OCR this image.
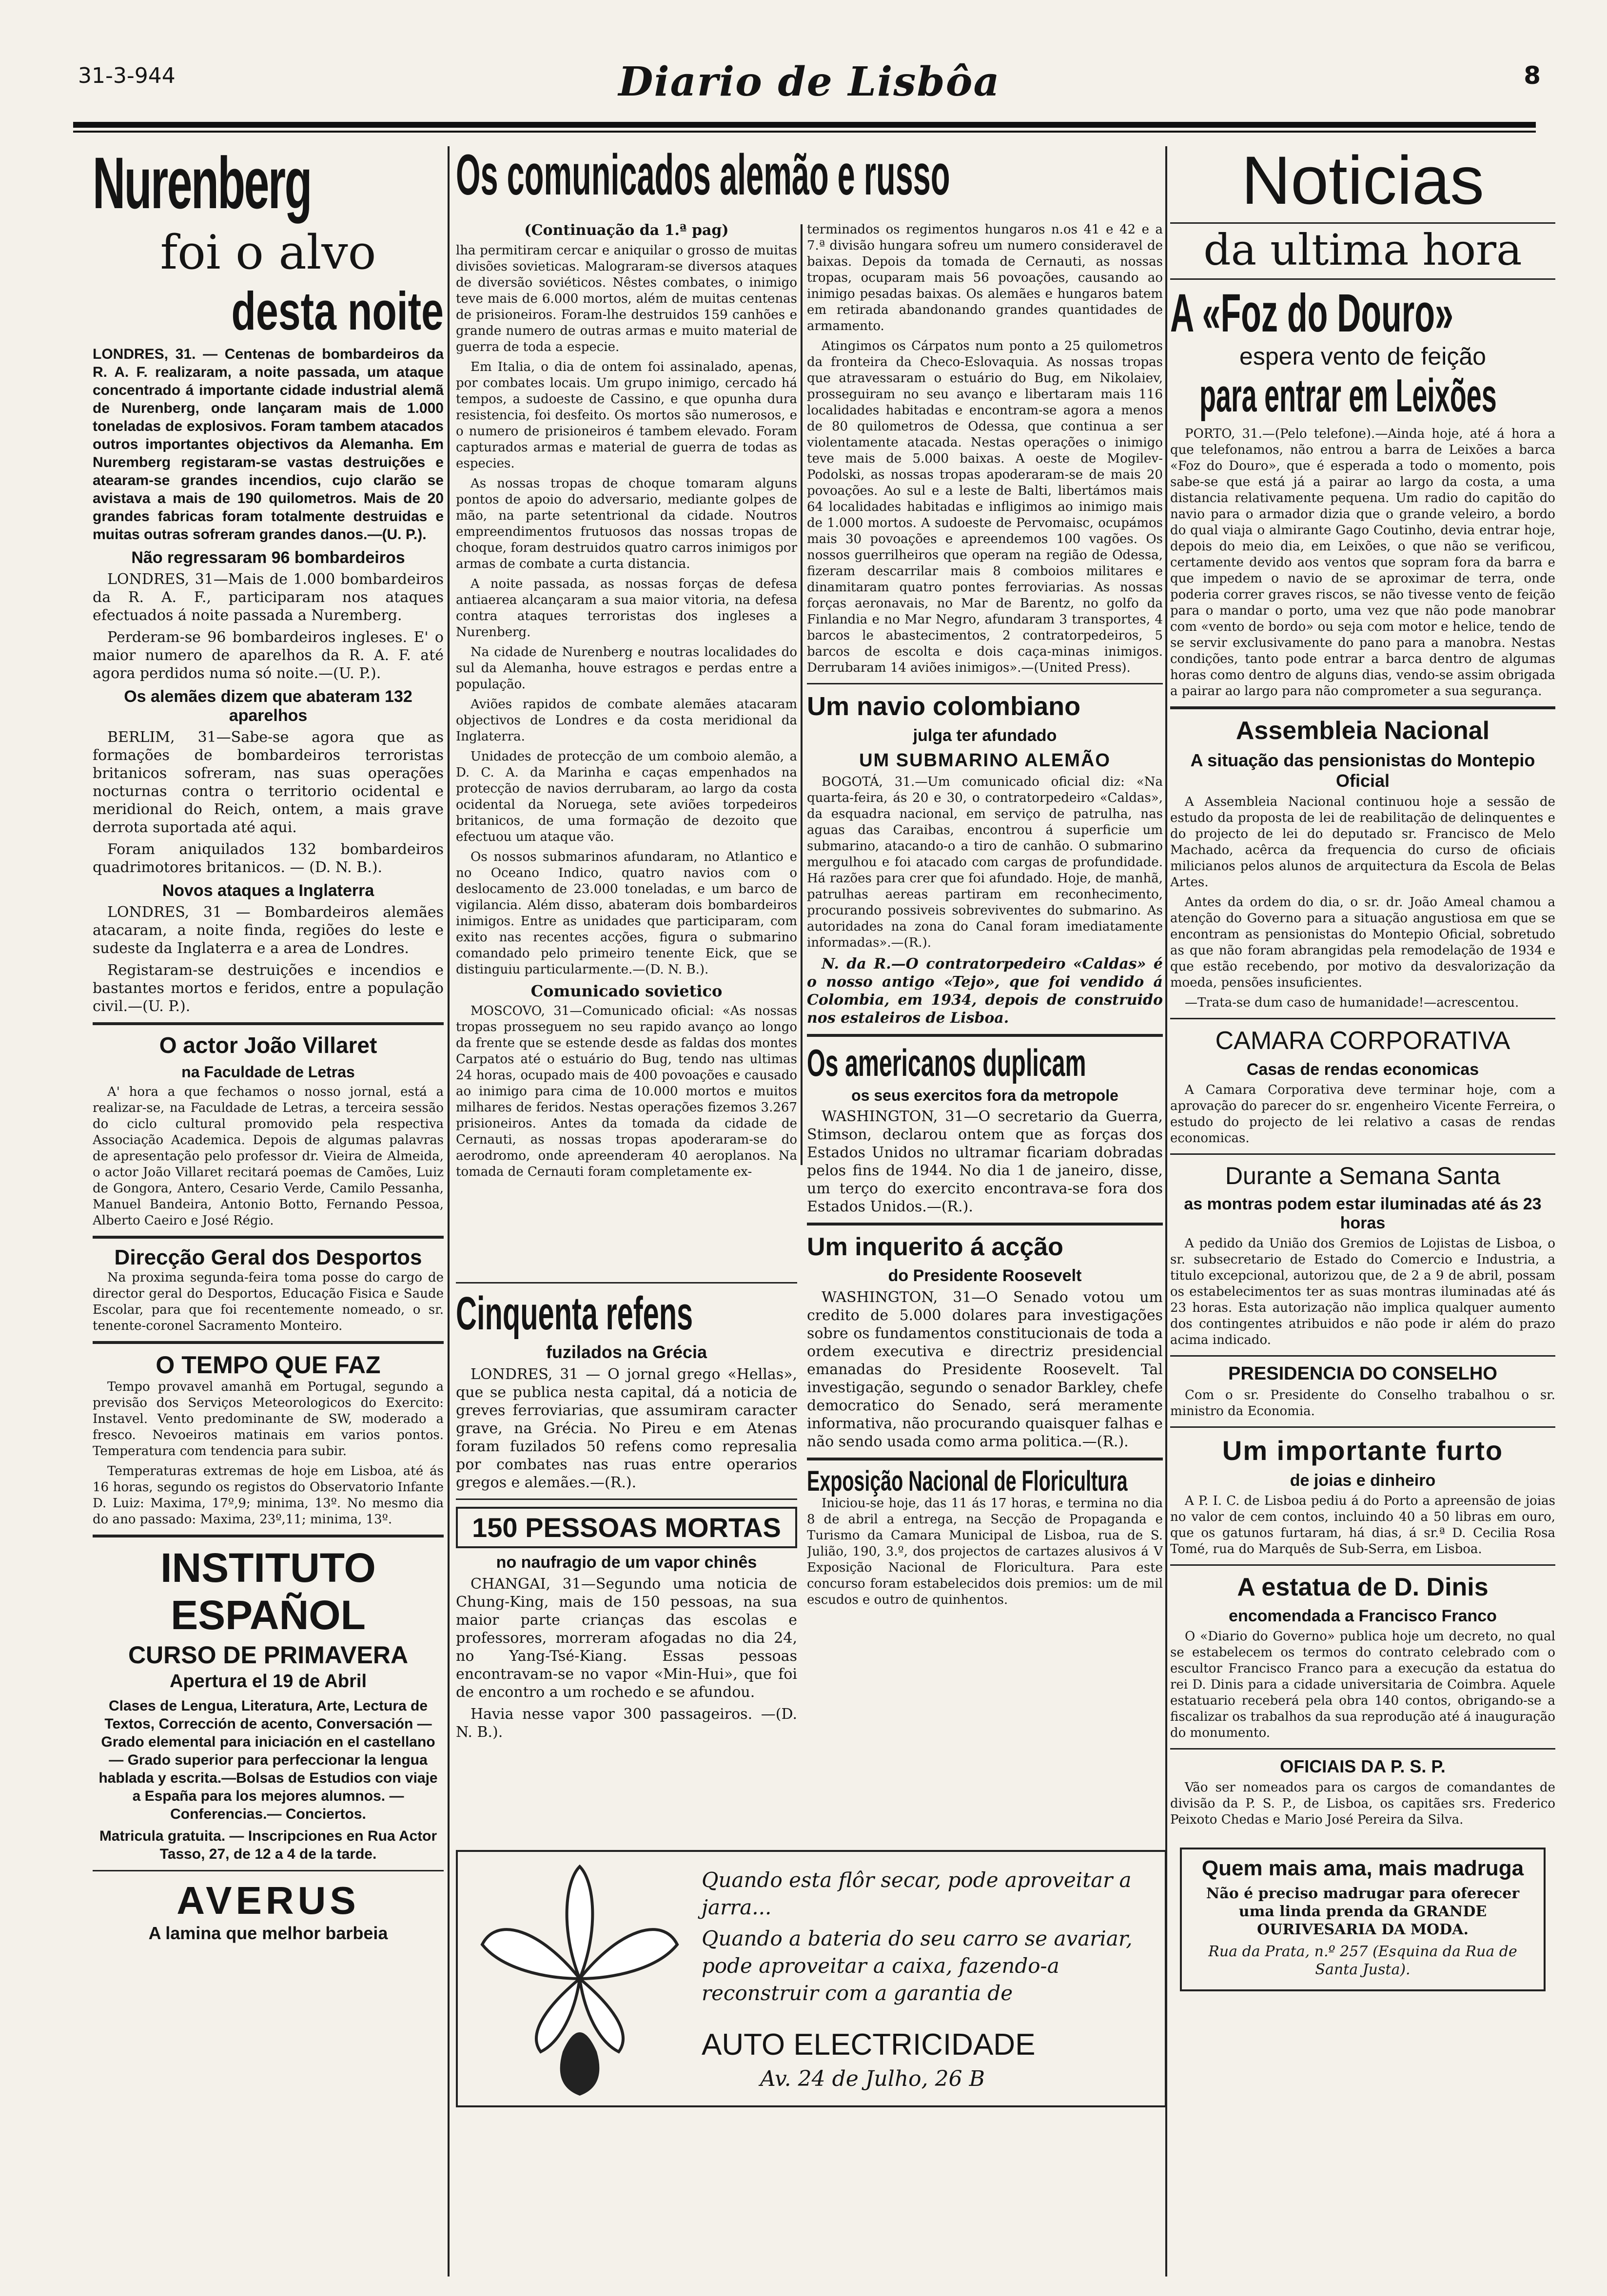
31-3-944	Diario de Lisbôa	8
Nurenberg
foi o alvo
desta noite

LONDRES, 31. — Centenas de bombardeiros da R. A. F. realizaram, a noite passada, um ataque concentrado á importante cidade industrial alemã de Nurenberg, onde lançaram mais de 1.000 toneladas de explosivos. Foram tambem atacados outros importantes objectivos da Alemanha. Em Nuremberg registaram-se vastas destruições e atearam-se grandes incendios, cujo clarão se avistava a mais de 190 quilometros. Mais de 20 grandes fabricas foram totalmente destruidas e muitas outras sofreram grandes danos.—(U. P.).

Não regressaram 96 bombardeiros

LONDRES, 31—Mais de 1.000 bombardeiros da R. A. F., participaram nos ataques efectuados á noite passada a Nuremberg.

Perderam-se 96 bombardeiros ingleses. E' o maior numero de aparelhos da R. A. F. até agora perdidos numa só noite.—(U. P.).

Os alemães dizem que abateram 132 aparelhos

BERLIM, 31—Sabe-se agora que as formações de bombardeiros terroristas britanicos sofreram, nas suas operações nocturnas contra o territorio ocidental e meridional do Reich, ontem, a mais grave derrota suportada até aqui.

Foram aniquilados 132 bombardeiros quadrimotores britanicos. — (D. N. B.).

Novos ataques a Inglaterra

LONDRES, 31 — Bombardeiros alemães atacaram, a noite finda, regiões do leste e sudeste da Inglaterra e a area de Londres.

Registaram-se destruições e incendios e bastantes mortos e feridos, entre a população civil.—(U. P.).

O actor João Villaret
na Faculdade de Letras

A' hora a que fechamos o nosso jornal, está a realizar-se, na Faculdade de Letras, a terceira sessão do ciclo cultural promovido pela respectiva Associação Academica. Depois de algumas palavras de apresentação pelo professor dr. Vieira de Almeida, o actor João Villaret recitará poemas de Camões, Luiz de Gongora, Antero, Cesario Verde, Camilo Pessanha, Manuel Bandeira, Antonio Botto, Fernando Pessoa, Alberto Caeiro e José Régio.

Direcção Geral dos Desportos

Na proxima segunda-feira toma posse do cargo de director geral do Desportos, Educação Fisica e Saude Escolar, para que foi recentemente nomeado, o sr. tenente-coronel Sacramento Monteiro.

O TEMPO QUE FAZ

Tempo provavel amanhã em Portugal, segundo a previsão dos Serviços Meteorologicos do Exercito: Instavel. Vento predominante de SW, moderado a fresco. Nevoeiros matinais em varios pontos. Temperatura com tendencia para subir.

Temperaturas extremas de hoje em Lisboa, até ás 16 horas, segundo os registos do Observatorio Infante D. Luiz: Maxima, 17º,9; minima, 13º. No mesmo dia do ano passado: Maxima, 23º,11; minima, 13º.

INSTITUTO ESPAÑOL
CURSO DE PRIMAVERA
Apertura el 19 de Abril

Clases de Lengua, Literatura, Arte, Lectura de Textos, Corrección de acento, Conversación — Grado elemental para iniciación en el castellano — Grado superior para perfeccionar la lengua hablada y escrita.—Bolsas de Estudios con viaje a España para los mejores alumnos. — Conferencias.— Conciertos.

Matricula gratuita. — Inscripciones en Rua Actor Tasso, 27, de 12 a 4 de la tarde.

AVERUS
A lamina que melhor barbeia
Os comunicados alemão e russo
(Continuação da 1.ª pag)

lha permitiram cercar e aniquilar o grosso de muitas divisões sovieticas. Malograram-se diversos ataques de diversão soviéticos. Nêstes combates, o inimigo teve mais de 6.000 mortos, além de muitas centenas de prisioneiros. Foram-lhe destruidos 159 canhões e grande numero de outras armas e muito material de guerra de toda a especie.

Em Italia, o dia de ontem foi assinalado, apenas, por combates locais. Um grupo inimigo, cercado há tempos, a sudoeste de Cassino, e que opunha dura resistencia, foi desfeito. Os mortos são numerosos, e o numero de prisioneiros é tambem elevado. Foram capturados armas e material de guerra de todas as especies.

As nossas tropas de choque tomaram alguns pontos de apoio do adversario, mediante golpes de mão, na parte setentrional da cidade. Noutros empreendimentos frutuosos das nossas tropas de choque, foram destruidos quatro carros inimigos por armas de combate a curta distancia.

A noite passada, as nossas forças de defesa antiaerea alcançaram a sua maior vitoria, na defesa contra ataques terroristas dos ingleses a Nurenberg.

Na cidade de Nurenberg e noutras localidades do sul da Alemanha, houve estragos e perdas entre a população.

Aviões rapidos de combate alemães atacaram objectivos de Londres e da costa meridional da Inglaterra.

Unidades de protecção de um comboio alemão, a D. C. A. da Marinha e caças empenhados na protecção de navios derrubaram, ao largo da costa ocidental da Noruega, sete aviões torpedeiros britanicos, de uma formação de dezoito que efectuou um ataque vão.

Os nossos submarinos afundaram, no Atlantico e no Oceano Indico, quatro navios com o deslocamento de 23.000 toneladas, e um barco de vigilancia. Além disso, abateram dois bombardeiros inimigos. Entre as unidades que participaram, com exito nas recentes acções, figura o submarino comandado pelo primeiro tenente Eick, que se distinguiu particularmente.—(D. N. B.).

Comunicado sovietico

MOSCOVO, 31—Comunicado oficial: «As nossas tropas prosseguem no seu rapido avanço ao longo da frente que se estende desde as faldas dos montes Carpatos até o estuário do Bug, tendo nas ultimas 24 horas, ocupado mais de 400 povoações e causado ao inimigo para cima de 10.000 mortos e muitos milhares de feridos. Nestas operações fizemos 3.267 prisioneiros. Antes da tomada da cidade de Cernauti, as nossas tropas apoderaram-se do aerodromo, onde apreenderam 40 aeroplanos. Na tomada de Cernauti foram completamente ex-

Cinquenta refens
fuzilados na Grécia

LONDRES, 31 — O jornal grego «Hellas», que se publica nesta capital, dá a noticia de greves ferroviarias, que assumiram caracter grave, na Grécia. No Pireu e em Atenas foram fuzilados 50 refens como represalia por combates nas ruas entre operarios gregos e alemães.—(R.).

150 PESSOAS MORTAS
no naufragio de um vapor chinês

CHANGAI, 31—Segundo uma noticia de Chung-King, mais de 150 pessoas, na sua maior parte crianças das escolas e professores, morreram afogadas no dia 24, no Yang-Tsé-Kiang. Essas pessoas encontravam-se no vapor «Min-Hui», que foi de encontro a um rochedo e se afundou.

Havia nesse vapor 300 passageiros. —(D. N. B.).

terminados os regimentos hungaros n.os 41 e 42 e a 7.ª divisão hungara sofreu um numero consideravel de baixas. Depois da tomada de Cernauti, as nossas tropas, ocuparam mais 56 povoações, causando ao inimigo pesadas baixas. Os alemães e hungaros batem em retirada abandonando grandes quantidades de armamento.

Atingimos os Cárpatos num ponto a 25 quilometros da fronteira da Checo-Eslovaquia. As nossas tropas que atravessaram o estuário do Bug, em Nikolaiev, prosseguiram no seu avanço e libertaram mais 116 localidades habitadas e encontram-se agora a menos de 80 quilometros de Odessa, que continua a ser violentamente atacada. Nestas operações o inimigo teve mais de 5.000 baixas. A oeste de Mogilev-Podolski, as nossas tropas apoderaram-se de mais 20 povoações. Ao sul e a leste de Balti, libertámos mais 64 localidades habitadas e infligimos ao inimigo mais de 1.000 mortos. A sudoeste de Pervomaisc, ocupámos mais 30 povoações e apreendemos 100 vagões. Os nossos guerrilheiros que operam na região de Odessa, fizeram descarrilar mais 8 comboios militares e dinamitaram quatro pontes ferroviarias. As nossas forças aeronavais, no Mar de Barentz, no golfo da Finlandia e no Mar Negro, afundaram 3 transportes, 4 barcos le abastecimentos, 2 contratorpedeiros, 5 barcos de escolta e dois caça-minas inimigos. Derrubaram 14 aviões inimigos».—(United Press).

Um navio colombiano
julga ter afundado
UM SUBMARINO ALEMÃO

BOGOTÁ, 31.—Um comunicado oficial diz: «Na quarta-feira, ás 20 e 30, o contratorpedeiro «Caldas», da esquadra nacional, em serviço de patrulha, nas aguas das Caraibas, encontrou á superficie um submarino, atacando-o a tiro de canhão. O submarino mergulhou e foi atacado com cargas de profundidade. Há razões para crer que foi afundado. Hoje, de manhã, patrulhas aereas partiram em reconhecimento, procurando possiveis sobreviventes do submarino. As autoridades na zona do Canal foram imediatamente informadas».—(R.).

N. da R.—O contratorpedeiro «Caldas» é o nosso antigo «Tejo», que foi vendido á Colombia, em 1934, depois de construido nos estaleiros de Lisboa.

Os americanos duplicam
os seus exercitos fora da metropole

WASHINGTON, 31—O secretario da Guerra, Stimson, declarou ontem que as forças dos Estados Unidos no ultramar ficariam dobradas pelos fins de 1944. No dia 1 de janeiro, disse, um terço do exercito encontrava-se fora dos Estados Unidos.—(R.).

Um inquerito á acção
do Presidente Roosevelt

WASHINGTON, 31—O Senado votou um credito de 5.000 dolares para investigações sobre os fundamentos constitucionais de toda a ordem executiva e directriz presidencial emanadas do Presidente Roosevelt. Tal investigação, segundo o senador Barkley, chefe democratico do Senado, será meramente informativa, não procurando quaisquer falhas e não sendo usada como arma politica.—(R.).

Exposição Nacional de Floricultura

Iniciou-se hoje, das 11 ás 17 horas, e termina no dia 8 de abril a entrega, na Secção de Propaganda e Turismo da Camara Municipal de Lisboa, rua de S. Julião, 190, 3.º, dos projectos de cartazes alusivos á V Exposição Nacional de Floricultura. Para este concurso foram estabelecidos dois premios: um de mil escudos e outro de quinhentos.

Quando esta flôr secar, pode aproveitar a jarra...
Quando a bateria do seu carro se avariar, pode aproveitar a caixa, fazendo-a reconstruir com a garantia de
AUTO ELECTRICIDADE
Av. 24 de Julho, 26 B
Noticias
da ultima hora
A «Foz do Douro»
espera vento de feição
para entrar em Leixões

PORTO, 31.—(Pelo telefone).—Ainda hoje, até á hora a que telefonamos, não entrou a barra de Leixões a barca «Foz do Douro», que é esperada a todo o momento, pois sabe-se que está já a pairar ao largo da costa, a uma distancia relativamente pequena. Um radio do capitão do navio para o armador dizia que o grande veleiro, a bordo do qual viaja o almirante Gago Coutinho, devia entrar hoje, depois do meio dia, em Leixões, o que não se verificou, certamente devido aos ventos que sopram fora da barra e que impedem o navio de se aproximar de terra, onde poderia correr graves riscos, se não tivesse vento de feição para o mandar o porto, uma vez que não pode manobrar com «vento de bordo» ou seja com motor e helice, tendo de se servir exclusivamente do pano para a manobra. Nestas condições, tanto pode entrar a barca dentro de algumas horas como dentro de alguns dias, vendo-se assim obrigada a pairar ao largo para não comprometer a sua segurança.

Assembleia Nacional
A situação das pensionistas do Montepio Oficial

A Assembleia Nacional continuou hoje a sessão de estudo da proposta de lei de reabilitação de delinquentes e do projecto de lei do deputado sr. Francisco de Melo Machado, acêrca da frequencia do curso de oficiais milicianos pelos alunos de arquitectura da Escola de Belas Artes.

Antes da ordem do dia, o sr. dr. João Ameal chamou a atenção do Governo para a situação angustiosa em que se encontram as pensionistas do Montepio Oficial, sobretudo as que não foram abrangidas pela remodelação de 1934 e que estão recebendo, por motivo da desvalorização da moeda, pensões insuficientes.

—Trata-se dum caso de humanidade!—acrescentou.

CAMARA CORPORATIVA
Casas de rendas economicas

A Camara Corporativa deve terminar hoje, com a aprovação do parecer do sr. engenheiro Vicente Ferreira, o estudo do projecto de lei relativo a casas de rendas economicas.

Durante a Semana Santa
as montras podem estar iluminadas até ás 23 horas

A pedido da União dos Gremios de Lojistas de Lisboa, o sr. subsecretario de Estado do Comercio e Industria, a titulo excepcional, autorizou que, de 2 a 9 de abril, possam os estabelecimentos ter as suas montras iluminadas até ás 23 horas. Esta autorização não implica qualquer aumento dos contingentes atribuidos e não pode ir além do prazo acima indicado.

PRESIDENCIA DO CONSELHO

Com o sr. Presidente do Conselho trabalhou o sr. ministro da Economia.

Um importante furto
de joias e dinheiro

A P. I. C. de Lisboa pediu á do Porto a apreensão de joias no valor de cem contos, incluindo 40 a 50 libras em ouro, que os gatunos furtaram, há dias, á sr.ª D. Cecilia Rosa Tomé, rua do Marquês de Sub-Serra, em Lisboa.

A estatua de D. Dinis
encomendada a Francisco Franco

O «Diario do Governo» publica hoje um decreto, no qual se estabelecem os termos do contrato celebrado com o escultor Francisco Franco para a execução da estatua do rei D. Dinis para a cidade universitaria de Coimbra. Aquele estatuario receberá pela obra 140 contos, obrigando-se a fiscalizar os trabalhos da sua reprodução até á inauguração do monumento.

OFICIAIS DA P. S. P.

Vão ser nomeados para os cargos de comandantes de divisão da P. S. P., de Lisboa, os capitães srs. Frederico Peixoto Chedas e Mario José Pereira da Silva.

Quem mais ama, mais madruga

Não é preciso madrugar para oferecer uma linda prenda da GRANDE OURIVESARIA DA MODA.

Rua da Prata, n.º 257 (Esquina da Rua de Santa Justa).
